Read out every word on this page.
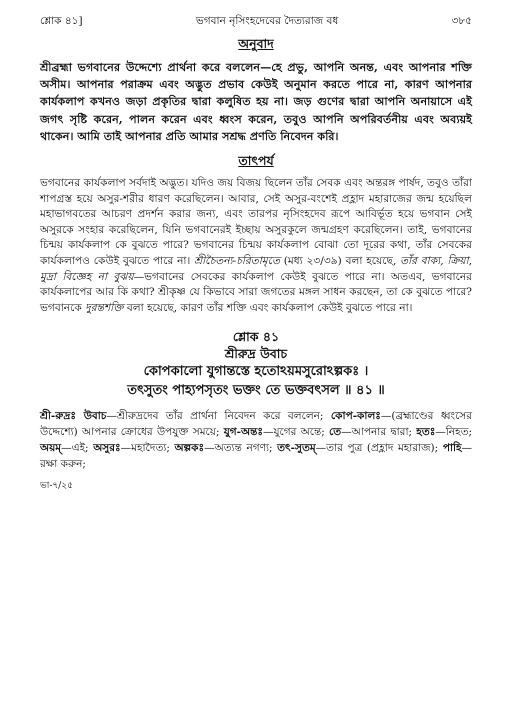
শ্লোক ৪১]	ভগবান নৃসিংহদেবের দৈত্যরাজ বধ	৩৮৫
অনুবাদ
শ্রীব্রহ্মা ভগবানের উদ্দেশ্যে প্রার্থনা করে বললেন—হে প্রভু, আপনি অনন্ত, এবং আপনার শক্তি অসীম। আপনার পরাক্রম এবং অদ্ভুত প্রভাব কেউই অনুমান করতে পারে না, কারণ আপনার কার্যকলাপ কখনও জড়া প্রকৃতির দ্বারা কলুষিত হয় না। জড় গুণের দ্বারা আপনি অনায়াসে এই জগৎ সৃষ্টি করেন, পালন করেন এবং ধ্বংস করেন, তবুও আপনি অপরিবর্তনীয় এবং অব্যয়ই থাকেন। আমি তাই আপনার প্রতি আমার সশ্রদ্ধ প্রণতি নিবেদন করি।
তাৎপর্য
ভগবানের কার্যকলাপ সর্বদাই অদ্ভুত। যদিও জয় বিজয় ছিলেন তাঁর সেবক এবং অন্তরঙ্গ পার্ষদ, তবুও তাঁরা শাপগ্রস্ত হয়ে অসুর-শরীর ধারণ করেছিলেন। আবার, সেই অসুর-বংশেই প্রহ্লাদ মহারাজের জন্ম হয়েছিল মহাভাগবতের আচরণ প্রদর্শন করার জন্য, এবং তারপর নৃসিংহদেব রূপে আবির্ভূত হয়ে ভগবান সেই অসুরকে সংহার করেছিলেন, যিনি ভগবানেরই ইচ্ছায় অসুরকুলে জন্মগ্রহণ করেছিলেন। তাই, ভগবানের চিন্ময় কার্যকলাপ কে বুঝতে পারে? ভগবানের চিন্ময় কার্যকলাপ বোঝা তো দূরের কথা, তাঁর সেবকের কার্যকলাপও কেউই বুঝতে পারে না। শ্রীচৈতন্য-চরিতামৃতে (মধ্য ২৩/৩৯) বলা হয়েছে, তাঁর বাক্য, ক্রিয়া, মুদ্রা বিজ্ঞেহ না বুঝয়—ভগবানের সেবকের কার্যকলাপ কেউই বুঝতে পারে না। অতএব, ভগবানের কার্যকলাপের আর কি কথা? শ্রীকৃষ্ণ যে কিভাবে সারা জগতের মঙ্গল সাধন করছেন, তা কে বুঝতে পারে? ভগবানকে দুরন্তশক্তি বলা হয়েছে, কারণ তাঁর শক্তি এবং কার্যকলাপ কেউই বুঝতে পারে না।
শ্লোক ৪১
শ্রীরুদ্র উবাচ
কোপকালো যুগান্তস্তে হতোঽয়মসুরোঽল্পকঃ ।
তৎসুতং পাহ্যপসৃতং ভক্তং তে ভক্তবৎসল ॥ ৪১ ॥
শ্রী-রুদ্রঃ উবাচ—শ্রীরুদ্রদেব তাঁর প্রার্থনা নিবেদন করে বললেন; কোপ-কালঃ—(ব্রহ্মাণ্ডের ধ্বংসের উদ্দেশ্যে) আপনার ক্রোধের উপযুক্ত সময়ে; যুগ-অন্তঃ—যুগের অন্তে; তে—আপনার দ্বারা; হতঃ—নিহত; অয়ম্—এই; অসুরঃ—মহাদৈত্য; অল্পকঃ—অত্যন্ত নগণ্য; তৎ-সুতম্—তার পুত্র (প্রহ্লাদ মহারাজ); পাহি—রক্ষা করুন;
ভা-৭/২৫
